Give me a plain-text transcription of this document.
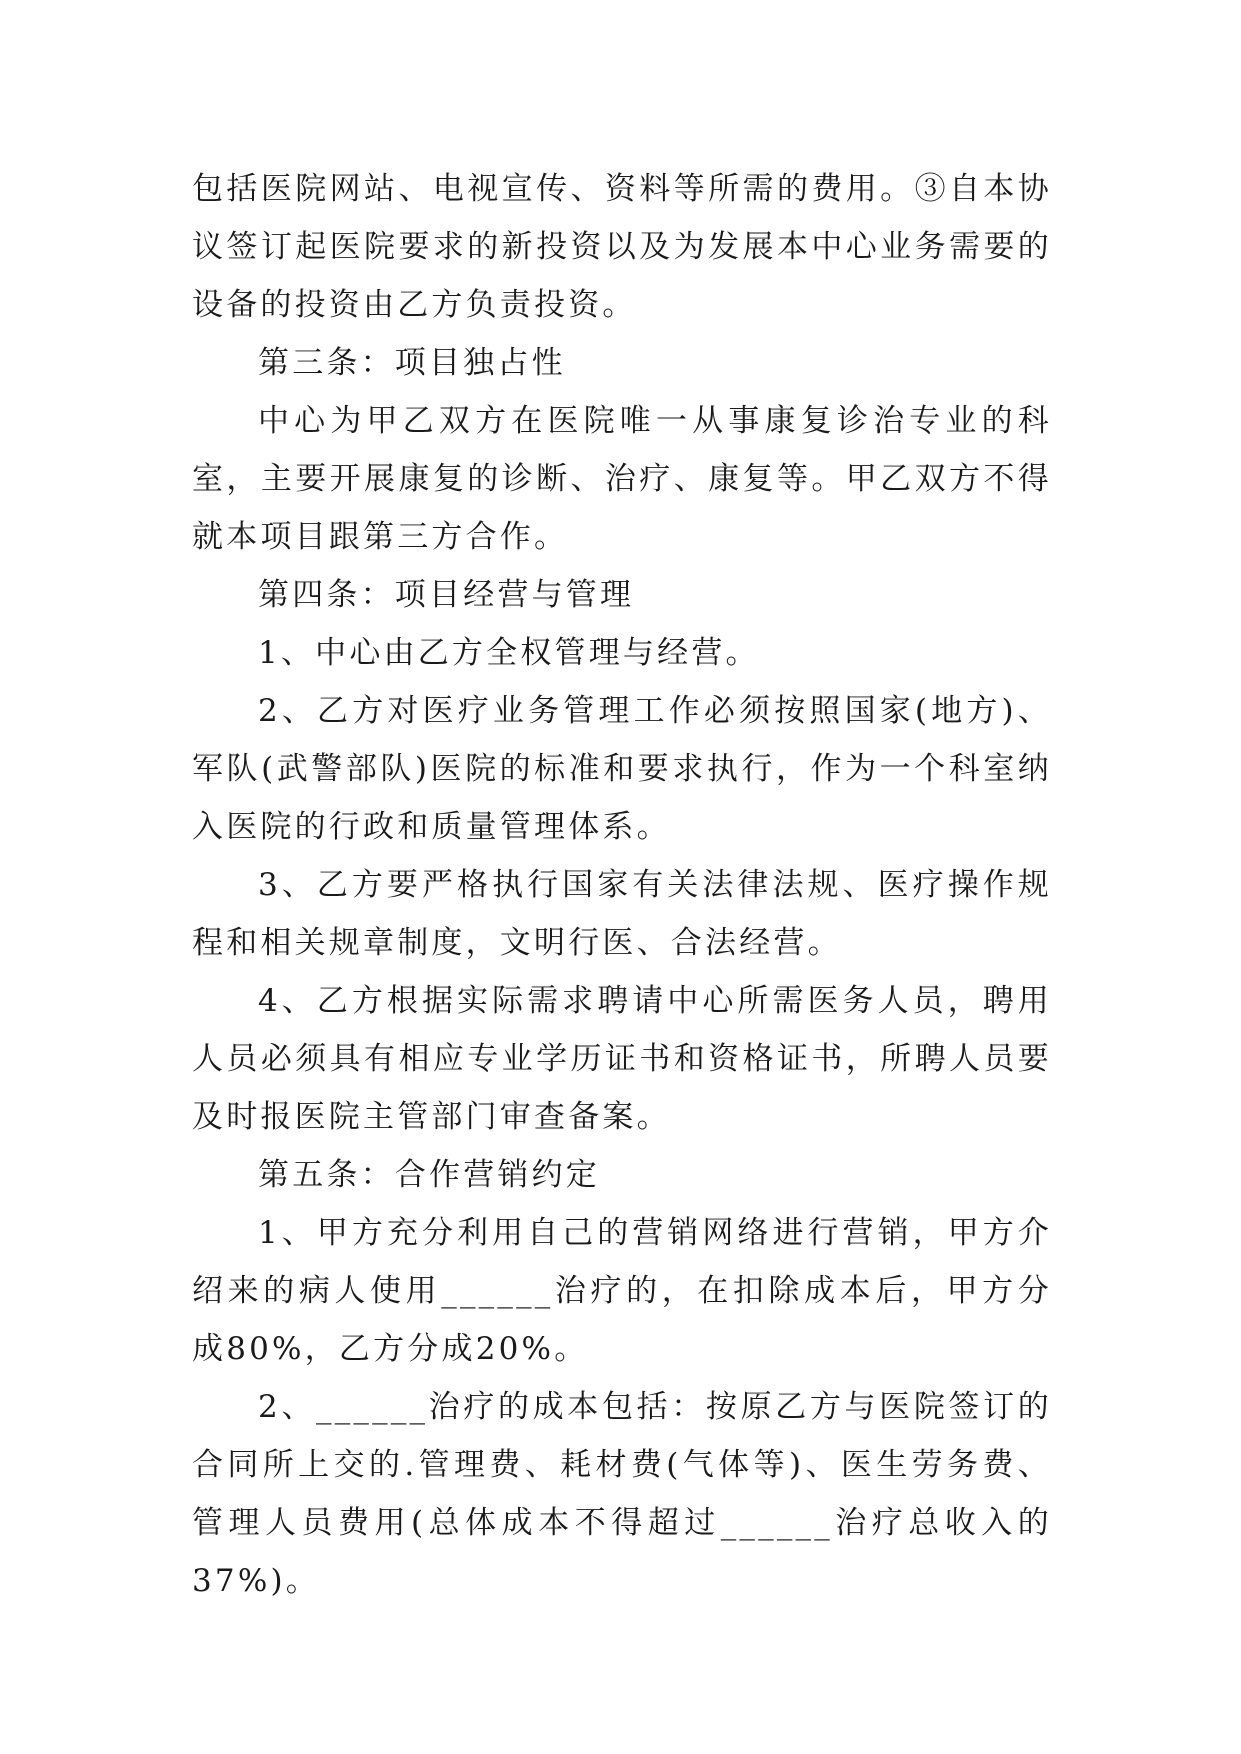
包括医院网站、电视宣传、资料等所需的费用。③自本协议签订起医院要求的新投资以及为发展本中心业务需要的设备的投资由乙方负责投资。

第三条：项目独占性

中心为甲乙双方在医院唯一从事康复诊治专业的科室，主要开展康复的诊断、治疗、康复等。甲乙双方不得就本项目跟第三方合作。

第四条：项目经营与管理

1、中心由乙方全权管理与经营。

2、乙方对医疗业务管理工作必须按照国家(地方)、军队(武警部队)医院的标准和要求执行，作为一个科室纳入医院的行政和质量管理体系。

3、乙方要严格执行国家有关法律法规、医疗操作规程和相关规章制度，文明行医、合法经营。

4、乙方根据实际需求聘请中心所需医务人员，聘用人员必须具有相应专业学历证书和资格证书，所聘人员要及时报医院主管部门审查备案。

第五条：合作营销约定

1、甲方充分利用自己的营销网络进行营销，甲方介绍来的病人使用______治疗的，在扣除成本后，甲方分成80%，乙方分成20%。

2、______治疗的成本包括：按原乙方与医院签订的合同所上交的.管理费、耗材费(气体等)、医生劳务费、管理人员费用(总体成本不得超过______治疗总收入的37%)。
